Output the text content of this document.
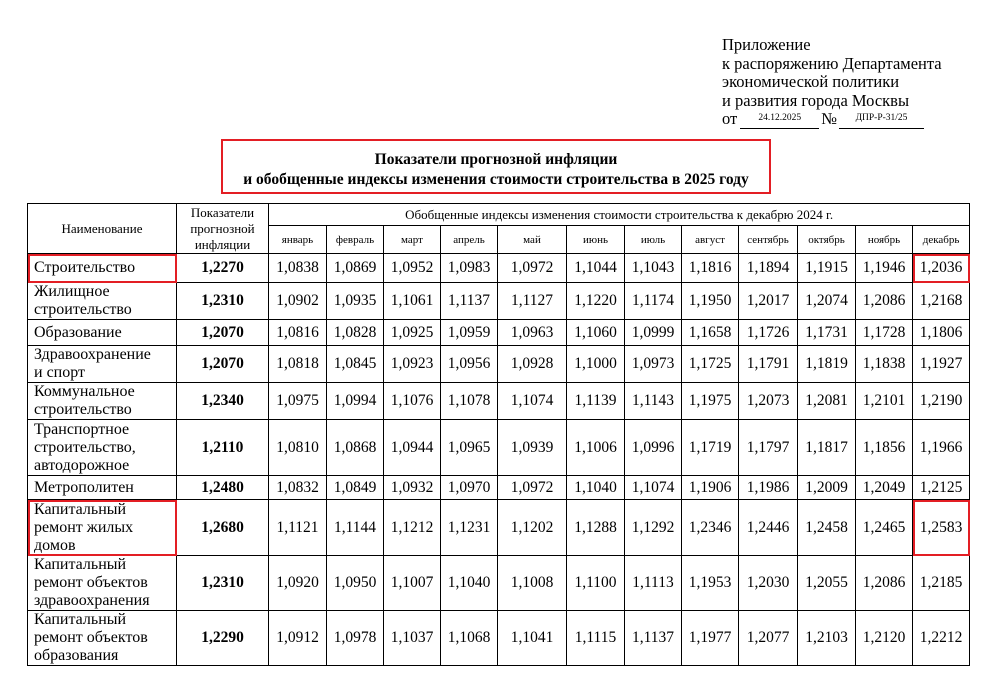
Приложение
к распоряжению Департамента
экономической политики
и развития города Москвы
от	24.12.2025	№	ДПР-Р-31/25
Показатели прогнозной инфляции
и обобщенные индексы изменения стоимости строительства в 2025 году
Наименование	Показатели прогнозной инфляции	Обобщенные индексы изменения стоимости строительства к декабрю 2024 г.											
		январь	февраль	март	апрель	май	июнь	июль	август	сентябрь	октябрь	ноябрь	декабрь
Строительство	1,2270	1,0838	1,0869	1,0952	1,0983	1,0972	1,1044	1,1043	1,1816	1,1894	1,1915	1,1946	1,2036
Жилищное
строительство	1,2310	1,0902	1,0935	1,1061	1,1137	1,1127	1,1220	1,1174	1,1950	1,2017	1,2074	1,2086	1,2168
Образование	1,2070	1,0816	1,0828	1,0925	1,0959	1,0963	1,1060	1,0999	1,1658	1,1726	1,1731	1,1728	1,1806
Здравоохранение
и спорт	1,2070	1,0818	1,0845	1,0923	1,0956	1,0928	1,1000	1,0973	1,1725	1,1791	1,1819	1,1838	1,1927
Коммунальное
строительство	1,2340	1,0975	1,0994	1,1076	1,1078	1,1074	1,1139	1,1143	1,1975	1,2073	1,2081	1,2101	1,2190
Транспортное
строительство,
автодорожное	1,2110	1,0810	1,0868	1,0944	1,0965	1,0939	1,1006	1,0996	1,1719	1,1797	1,1817	1,1856	1,1966
Метрополитен	1,2480	1,0832	1,0849	1,0932	1,0970	1,0972	1,1040	1,1074	1,1906	1,1986	1,2009	1,2049	1,2125
Капитальный
ремонт жилых
домов	1,2680	1,1121	1,1144	1,1212	1,1231	1,1202	1,1288	1,1292	1,2346	1,2446	1,2458	1,2465	1,2583
Капитальный
ремонт объектов
здравоохранения	1,2310	1,0920	1,0950	1,1007	1,1040	1,1008	1,1100	1,1113	1,1953	1,2030	1,2055	1,2086	1,2185
Капитальный
ремонт объектов
образования	1,2290	1,0912	1,0978	1,1037	1,1068	1,1041	1,1115	1,1137	1,1977	1,2077	1,2103	1,2120	1,2212
